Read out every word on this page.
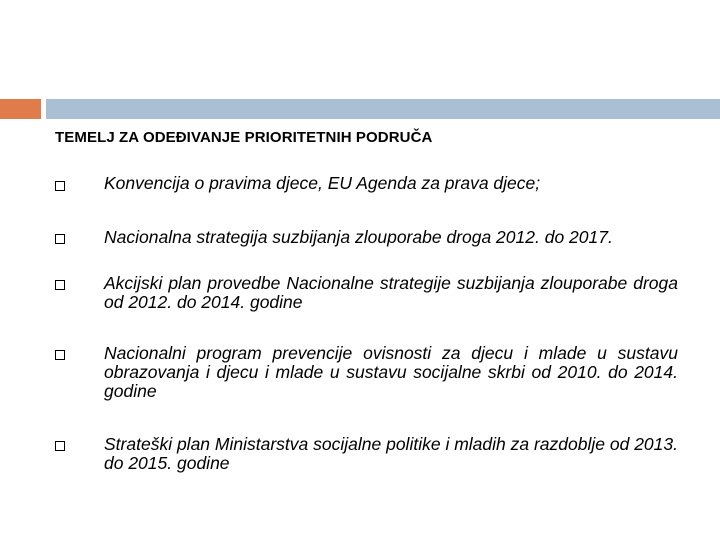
TEMELJ ZA ODEĐIVANJE PRIORITETNIH PODRUČA
Konvencija o pravima djece, EU Agenda za prava djece;
Nacionalna strategija suzbijanja zlouporabe droga 2012. do 2017.
Akcijski plan provedbe Nacionalne strategije suzbijanja zlouporabe droga od 2012. do 2014. godine
Nacionalni program prevencije ovisnosti za djecu i mlade u sustavu obrazovanja i djecu i mlade u sustavu socijalne skrbi od 2010. do 2014. godine
Strateški plan Ministarstva socijalne politike i mladih za razdoblje od 2013. do 2015. godine
